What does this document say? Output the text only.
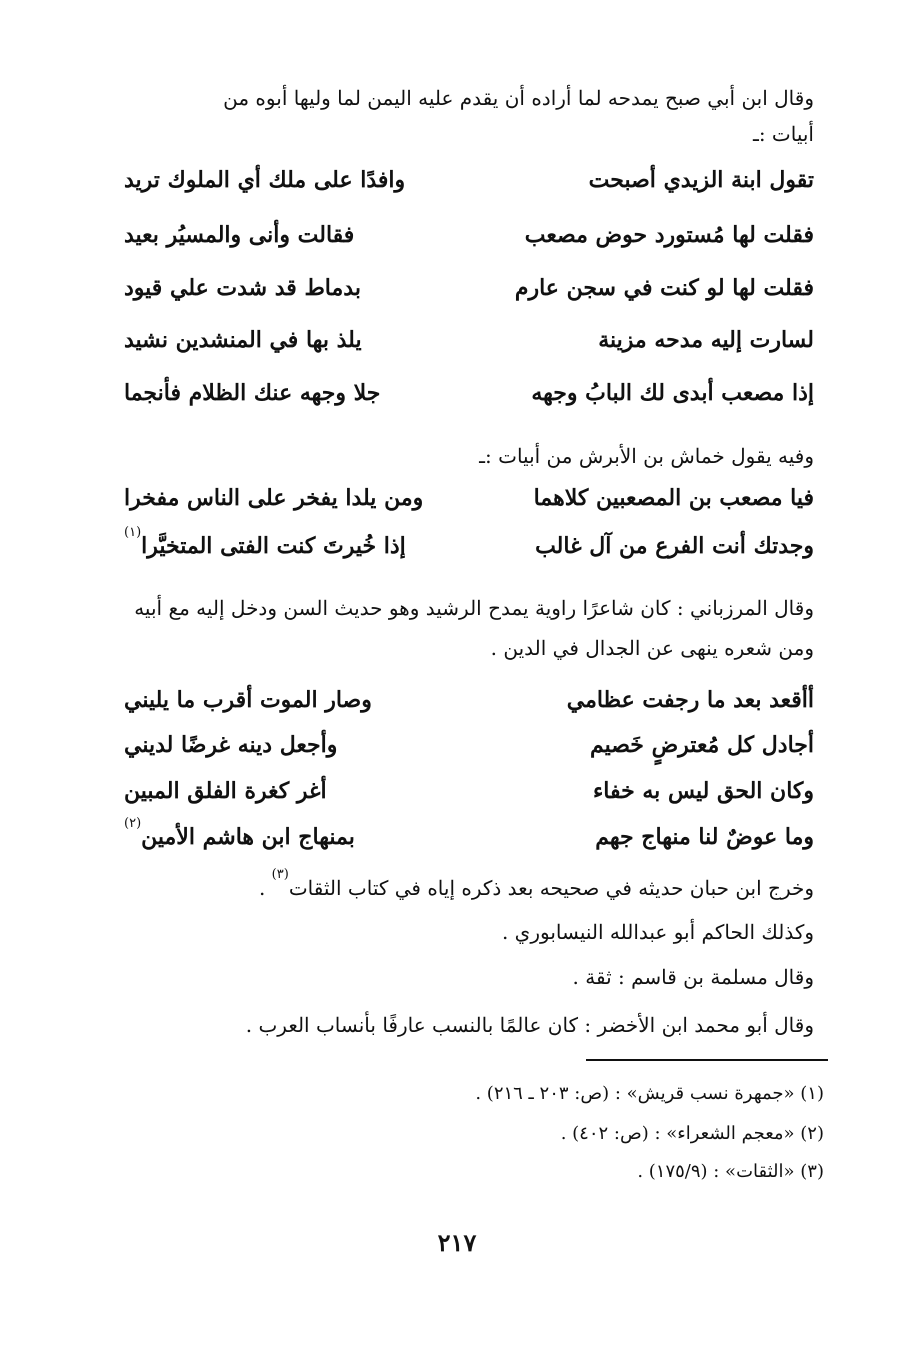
وقال ابن أبي صبح يمدحه لما أراده أن يقدم عليه اليمن لما وليها أبوه من
أبيات :ـ
تقول ابنة الزيدي أصبحت
وافدًا على ملك أي الملوك تريد
فقلت لها مُستورد حوض مصعب
فقالت وأنى والمسيُر بعيد
فقلت لها لو كنت في سجن عارم
بدماط قد شدت علي قيود
لسارت إليه مدحه مزينة
يلذ بها في المنشدين نشيد
إذا مصعب أبدى لك البابُ وجهه
جلا وجهه عنك الظلام فأنجما
وفيه يقول خماش بن الأبرش من أبيات :ـ
فيا مصعب بن المصعبين كلاهما
ومن يلدا يفخر على الناس مفخرا
وجدتك أنت الفرع من آل غالب
إذا خُيرتَ كنت الفتى المتخيَّرا$^{(١)}$
وقال المرزباني : كان شاعرًا راوية يمدح الرشيد وهو حديث السن ودخل إليه مع أبيه ومن شعره ينهى عن الجدال في الدين .
أأقعد بعد ما رجفت عظامي
وصار الموت أقرب ما يليني
أجادل كل مُعترضٍ خَصيم
وأجعل دينه غرضًا لديني
وكان الحق ليس به خفاء
أغر كغرة الفلق المبين
وما عوضٌ لنا منهاج جهم
بمنهاج ابن هاشم الأمين$^{(٢)}$
وخرج ابن حبان حديثه في صحيحه بعد ذكره إياه في كتاب الثقات$^{(٣)}$ .
وكذلك الحاكم أبو عبدالله النيسابوري .
وقال مسلمة بن قاسم : ثقة .
وقال أبو محمد ابن الأخضر : كان عالمًا بالنسب عارفًا بأنساب العرب .
(١) «جمهرة نسب قريش» : (ص: ٢٠٣ ـ ٢١٦) .
(٢) «معجم الشعراء» : (ص: ٤٠٢) .
(٣) «الثقات» : (١٧٥/٩) .
٢١٧
